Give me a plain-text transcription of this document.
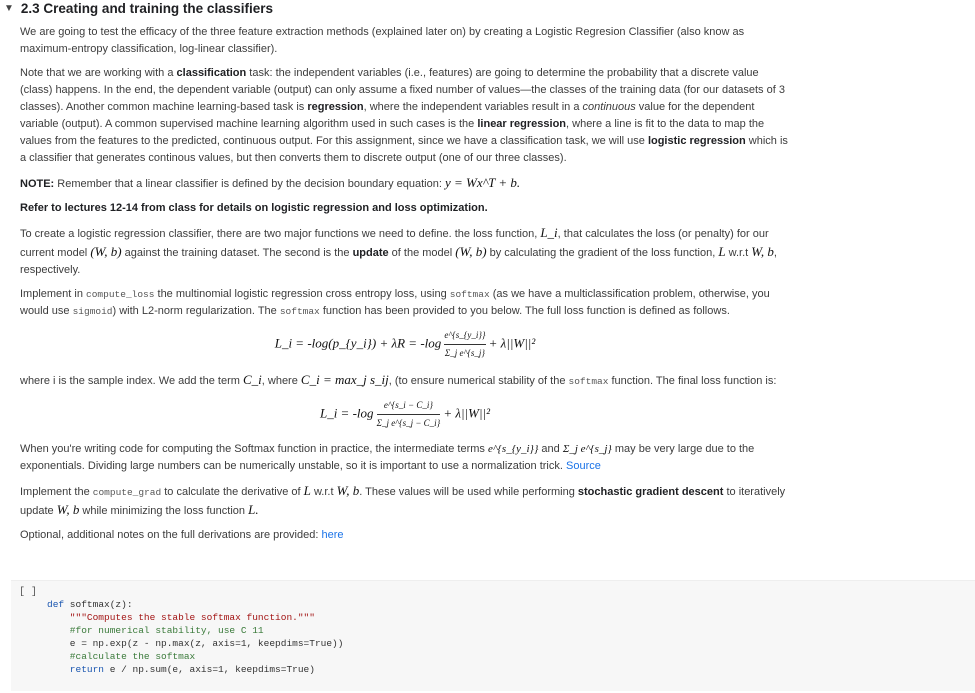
▼ 2.3 Creating and training the classifiers

We are going to test the efficacy of the three feature extraction methods (explained later on) by creating a Logistic Regresion Classifier (also know as maximum-entropy classification, log-linear classifier).

Note that we are working with a classification task: the independent variables (i.e., features) are going to determine the probability that a discrete value (class) happens. In the end, the dependent variable (output) can only assume a fixed number of values—the classes of the training data (for our datasets of 3 classes). Another common machine learning-based task is regression, where the independent variables result in a continuous value for the dependent variable (output). A common supervised machine learning algorithm used in such cases is the linear regression, where a line is fit to the data to map the values from the features to the predicted, continuous output. For this assignment, since we have a classification task, we will use logistic regression which is a classifier that generates continous values, but then converts them to discrete output (one of our three classes).

NOTE: Remember that a linear classifier is defined by the decision boundary equation: y = Wx^T + b.

Refer to lectures 12-14 from class for details on logistic regression and loss optimization.

To create a logistic regression classifier, there are two major functions we need to define. the loss function, L_i, that calculates the loss (or penalty) for our current model (W, b) against the training dataset. The second is the update of the model (W, b) by calculating the gradient of the loss function, L w.r.t W, b, respectively.

Implement in compute_loss the multinomial logistic regression cross entropy loss, using softmax (as we have a multiclassification problem, otherwise, you would use sigmoid) with L2-norm regularization. The softmax function has been provided to you below. The full loss function is defined as follows.

L_i = -log(p_{y_i}) + $\lambda R = -\log \frac{e\^{}\{s\_\{y\_i\}\}}{\text{Σ\_j e\textasciicircum{}\{s\_j\}}} + \lambda||W||^2$

where i is the sample index. We add the term C_i, where C_i = max_j s_ij, (to ensure numerical stability of the softmax function. The final loss function is:

L_i = $-\log \frac{e\^{}\{s\_i - C\_i\}}{\text{Σ\_j e\textasciicircum{}\{s\_j − C\_i\}}} + \lambda||W||^2$

When you're writing code for computing the Softmax function in practice, the intermediate terms e^{s_{y_i}} and Σ_j e^{s_j} may be very large due to the exponentials. Dividing large numbers can be numerically unstable, so it is important to use a normalization trick. Source

Implement the compute_grad to calculate the derivative of L w.r.t W, b. These values will be used while performing stochastic gradient descent to iteratively update W, b while minimizing the loss function L.

Optional, additional notes on the full derivations are provided: here

[ ]
def softmax(z):
"""Computes the stable softmax function."""
#for numerical stability, use C 11
e = np.exp(z - np.max(z, axis=1, keepdims=True))
#calculate the softmax
return e / np.sum(e, axis=1, keepdims=True)
